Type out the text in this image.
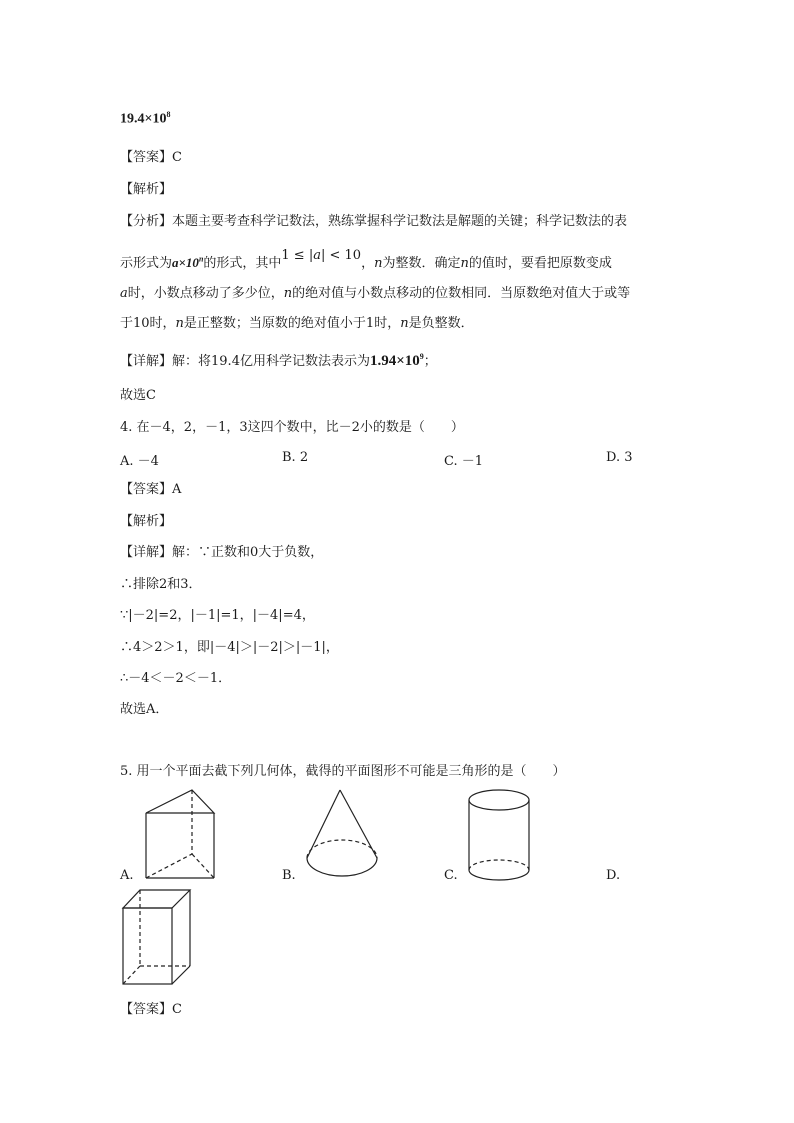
$19.4\times 10^8$
【答案】C
【解析】
【分析】本题主要考查科学记数法，熟练掌握科学记数法是解题的关键；科学记数法的表
示形式为$a\times 10^n$的形式，其中1 ≤ |a| < 10，n为整数．确定n的值时，要看把原数变成
a时，小数点移动了多少位，n的绝对值与小数点移动的位数相同．当原数绝对值大于或等
于10时，n是正整数；当原数的绝对值小于1时，n是负整数．
【详解】解：将19.4亿用科学记数法表示为$1.94\times 10^9$；
故选C
4. 在－4，2，－1，3这四个数中，比－2小的数是（　　）
A. －4	B. 2	C. －1	D. 3
【答案】A
【解析】
【详解】解：∵正数和0大于负数，
∴排除2和3．
∵|－2|=2，|－1|=1，|－4|=4，
∴4＞2＞1，即|－4|＞|－2|＞|－1|，
∴－4＜－2＜－1．
故选A．
5. 用一个平面去截下列几何体，截得的平面图形不可能是三角形的是（　　）
A.	B.	C.	D.
【答案】C
